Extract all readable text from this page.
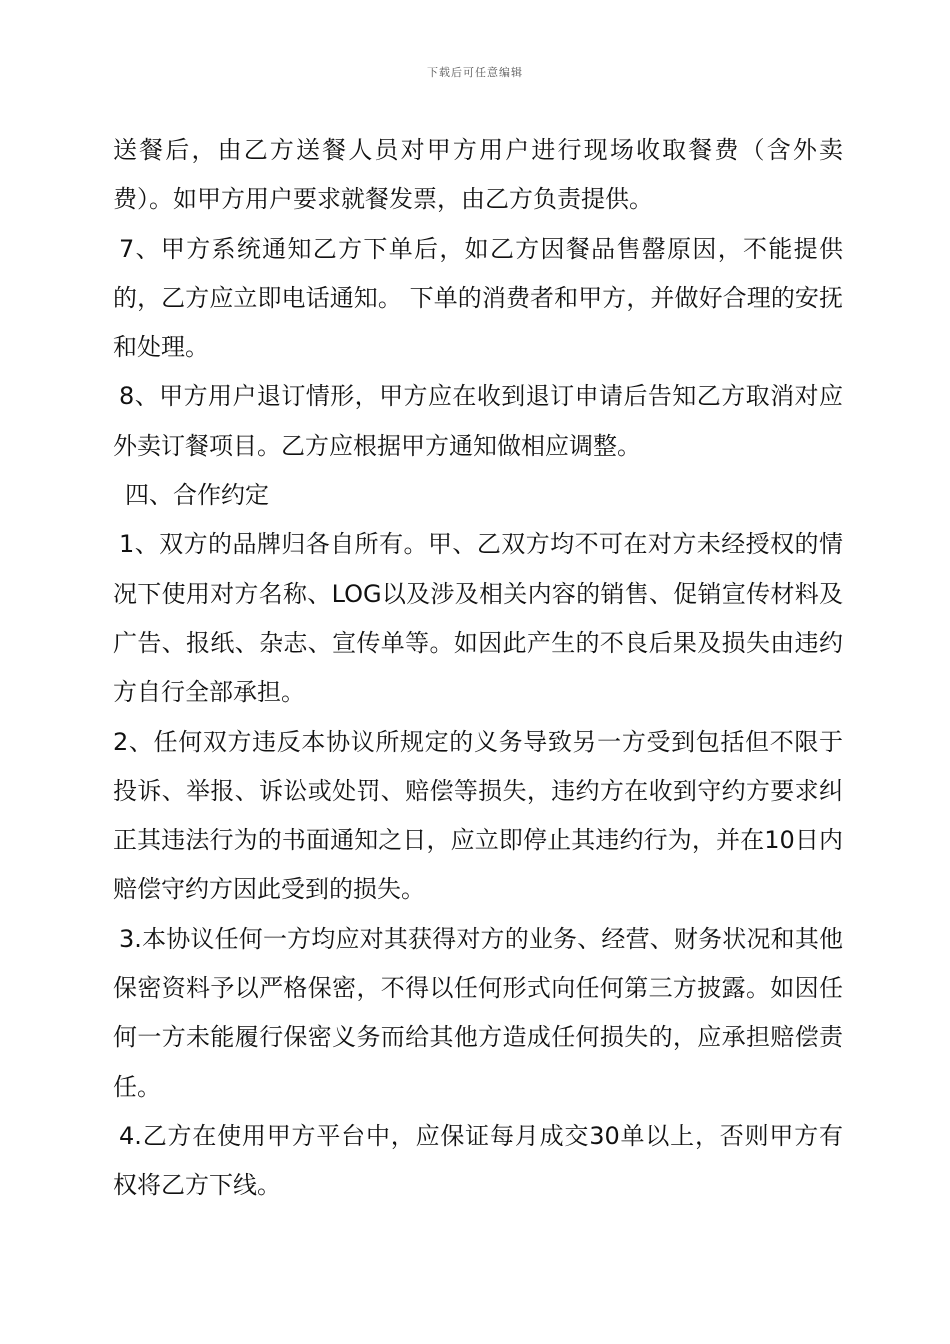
下载后可任意编辑

送餐后，由乙方送餐人员对甲方用户进行现场收取餐费（含外卖费）。如甲方用户要求就餐发票，由乙方负责提供。

7、甲方系统通知乙方下单后，如乙方因餐品售罄原因，不能提供的，乙方应立即电话通知。 下单的消费者和甲方，并做好合理的安抚和处理。

8、甲方用户退订情形，甲方应在收到退订申请后告知乙方取消对应外卖订餐项目。乙方应根据甲方通知做相应调整。

四、合作约定

1、双方的品牌归各自所有。甲、乙双方均不可在对方未经授权的情况下使用对方名称、LOG以及涉及相关内容的销售、促销宣传材料及广告、报纸、杂志、宣传单等。如因此产生的不良后果及损失由违约方自行全部承担。

2、任何双方违反本协议所规定的义务导致另一方受到包括但不限于投诉、举报、诉讼或处罚、赔偿等损失，违约方在收到守约方要求纠正其违法行为的书面通知之日，应立即停止其违约行为，并在10日内赔偿守约方因此受到的损失。

3.本协议任何一方均应对其获得对方的业务、经营、财务状况和其他保密资料予以严格保密，不得以任何形式向任何第三方披露。如因任何一方未能履行保密义务而给其他方造成任何损失的，应承担赔偿责任。

4.乙方在使用甲方平台中，应保证每月成交30单以上，否则甲方有权将乙方下线。
